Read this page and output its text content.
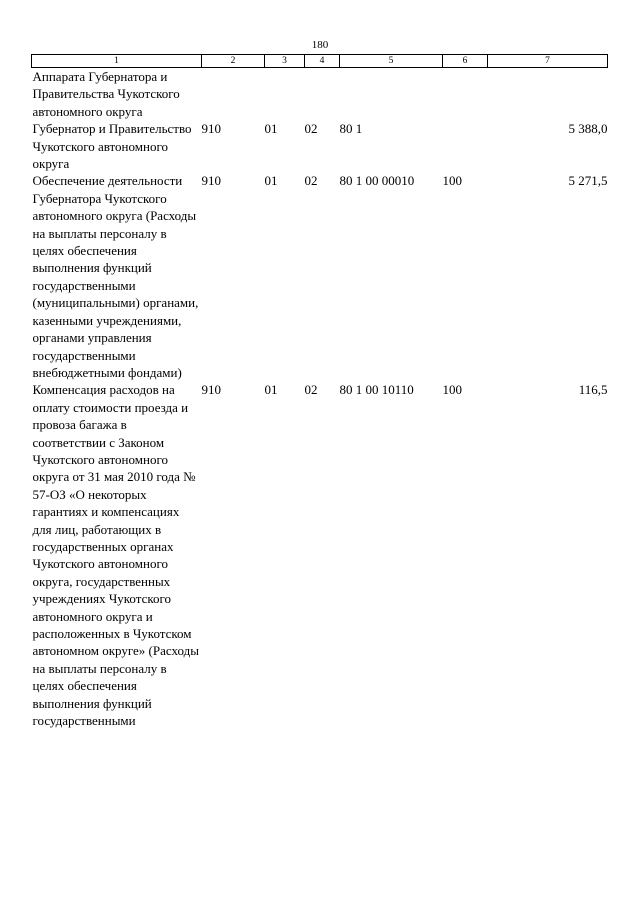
180
1	2	3	4	5	6	7
Аппарата Губернатора и Правительства Чукотского автономного округа						
Губернатор и Правительство Чукотского автономного округа	910	01	02	80 1		5 388,0
Обеспечение деятельности Губернатора Чукотского автономного округа (Расходы на выплаты персоналу в целях обеспечения выполнения функций государственными (муниципальными) органами, казенными учреждениями, органами управления государственными внебюджетными фондами)	910	01	02	80 1 00 00010	100	5 271,5
Компенсация расходов на оплату стоимости проезда и провоза багажа в соответствии с Законом Чукотского автономного округа от 31 мая 2010 года № 57-ОЗ «О некоторых гарантиях и компенсациях для лиц, работающих в государственных органах Чукотского автономного округа, государственных учреждениях Чукотского автономного округа и расположенных в Чукотском автономном округе» (Расходы на выплаты персоналу в целях обеспечения выполнения функций государственными	910	01	02	80 1 00 10110	100	116,5
